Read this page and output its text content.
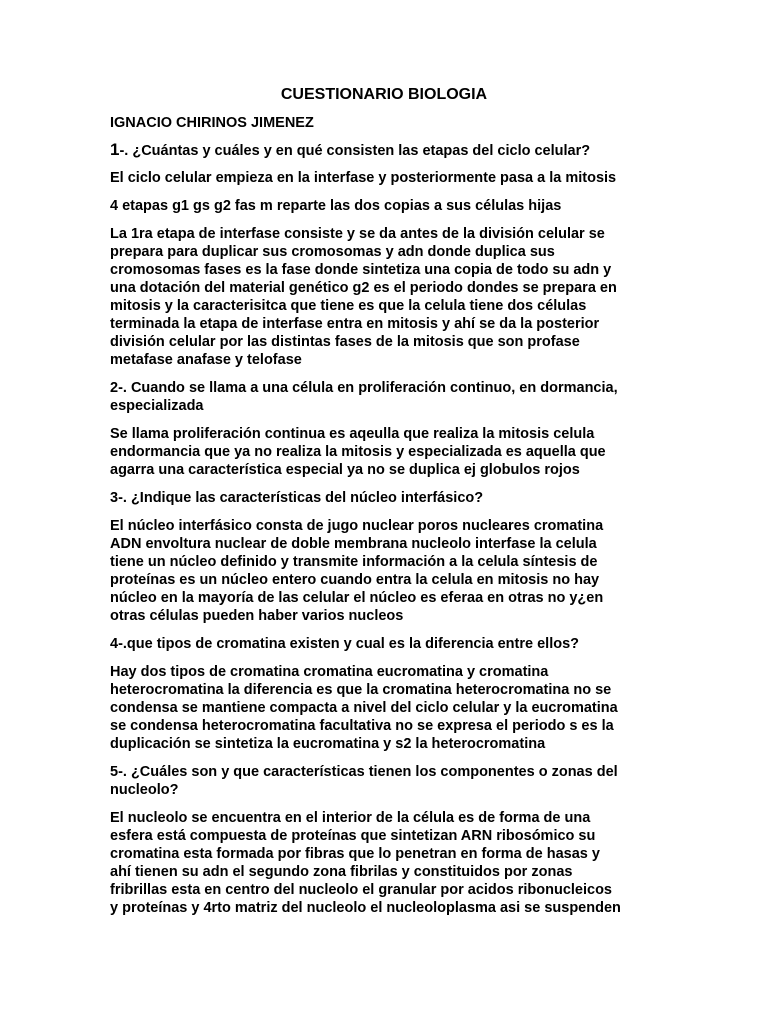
CUESTIONARIO BIOLOGIA
IGNACIO CHIRINOS JIMENEZ
1-. ¿Cuántas y cuáles y en qué consisten las etapas del ciclo celular?
El ciclo celular empieza en la interfase y posteriormente pasa a la mitosis
4 etapas g1 gs g2 fas m reparte las dos copias a sus células hijas
La 1ra etapa de interfase consiste y se da antes de la división celular se
prepara para duplicar sus cromosomas y adn donde duplica sus
cromosomas fases es la fase donde sintetiza una copia de todo su adn y
una dotación del material genético g2 es el periodo dondes se prepara en
mitosis y la caracterisitca que tiene es que la celula tiene dos células
terminada la etapa de interfase entra en mitosis y ahí se da la posterior
división celular por las distintas fases de la mitosis que son profase
metafase anafase y telofase
2-. Cuando se llama a una célula en proliferación continuo, en dormancia,
especializada
Se llama proliferación continua es aqeulla que realiza la mitosis celula
endormancia que ya no realiza la mitosis y especializada es aquella que
agarra una característica especial ya no se duplica ej globulos rojos
3-. ¿Indique las características del núcleo interfásico?
El núcleo interfásico consta de jugo nuclear poros nucleares cromatina
ADN envoltura nuclear de doble membrana nucleolo interfase la celula
tiene un núcleo definido y transmite información a la celula síntesis de
proteínas es un núcleo entero cuando entra la celula en mitosis no hay
núcleo en la mayoría de las celular el núcleo es eferaa en otras no y¿en
otras células pueden haber varios nucleos
4-.que tipos de cromatina existen y cual es la diferencia entre ellos?
Hay dos tipos de cromatina cromatina eucromatina y cromatina
heterocromatina la diferencia es que la cromatina heterocromatina no se
condensa se mantiene compacta a nivel del ciclo celular y la eucromatina
se condensa heterocromatina facultativa no se expresa el periodo s es la
duplicación se sintetiza la eucromatina y s2 la heterocromatina
5-. ¿Cuáles son y que características tienen los componentes o zonas del
nucleolo?
El nucleolo se encuentra en el interior de la célula es de forma de una
esfera está compuesta de proteínas que sintetizan ARN ribosómico su
cromatina esta formada por fibras que lo penetran en forma de hasas y
ahí tienen su adn el segundo zona fibrilas y constituidos por zonas
fribrillas esta en centro del nucleolo el granular por acidos ribonucleicos
y proteínas y 4rto matriz del nucleolo el nucleoloplasma asi se suspenden
